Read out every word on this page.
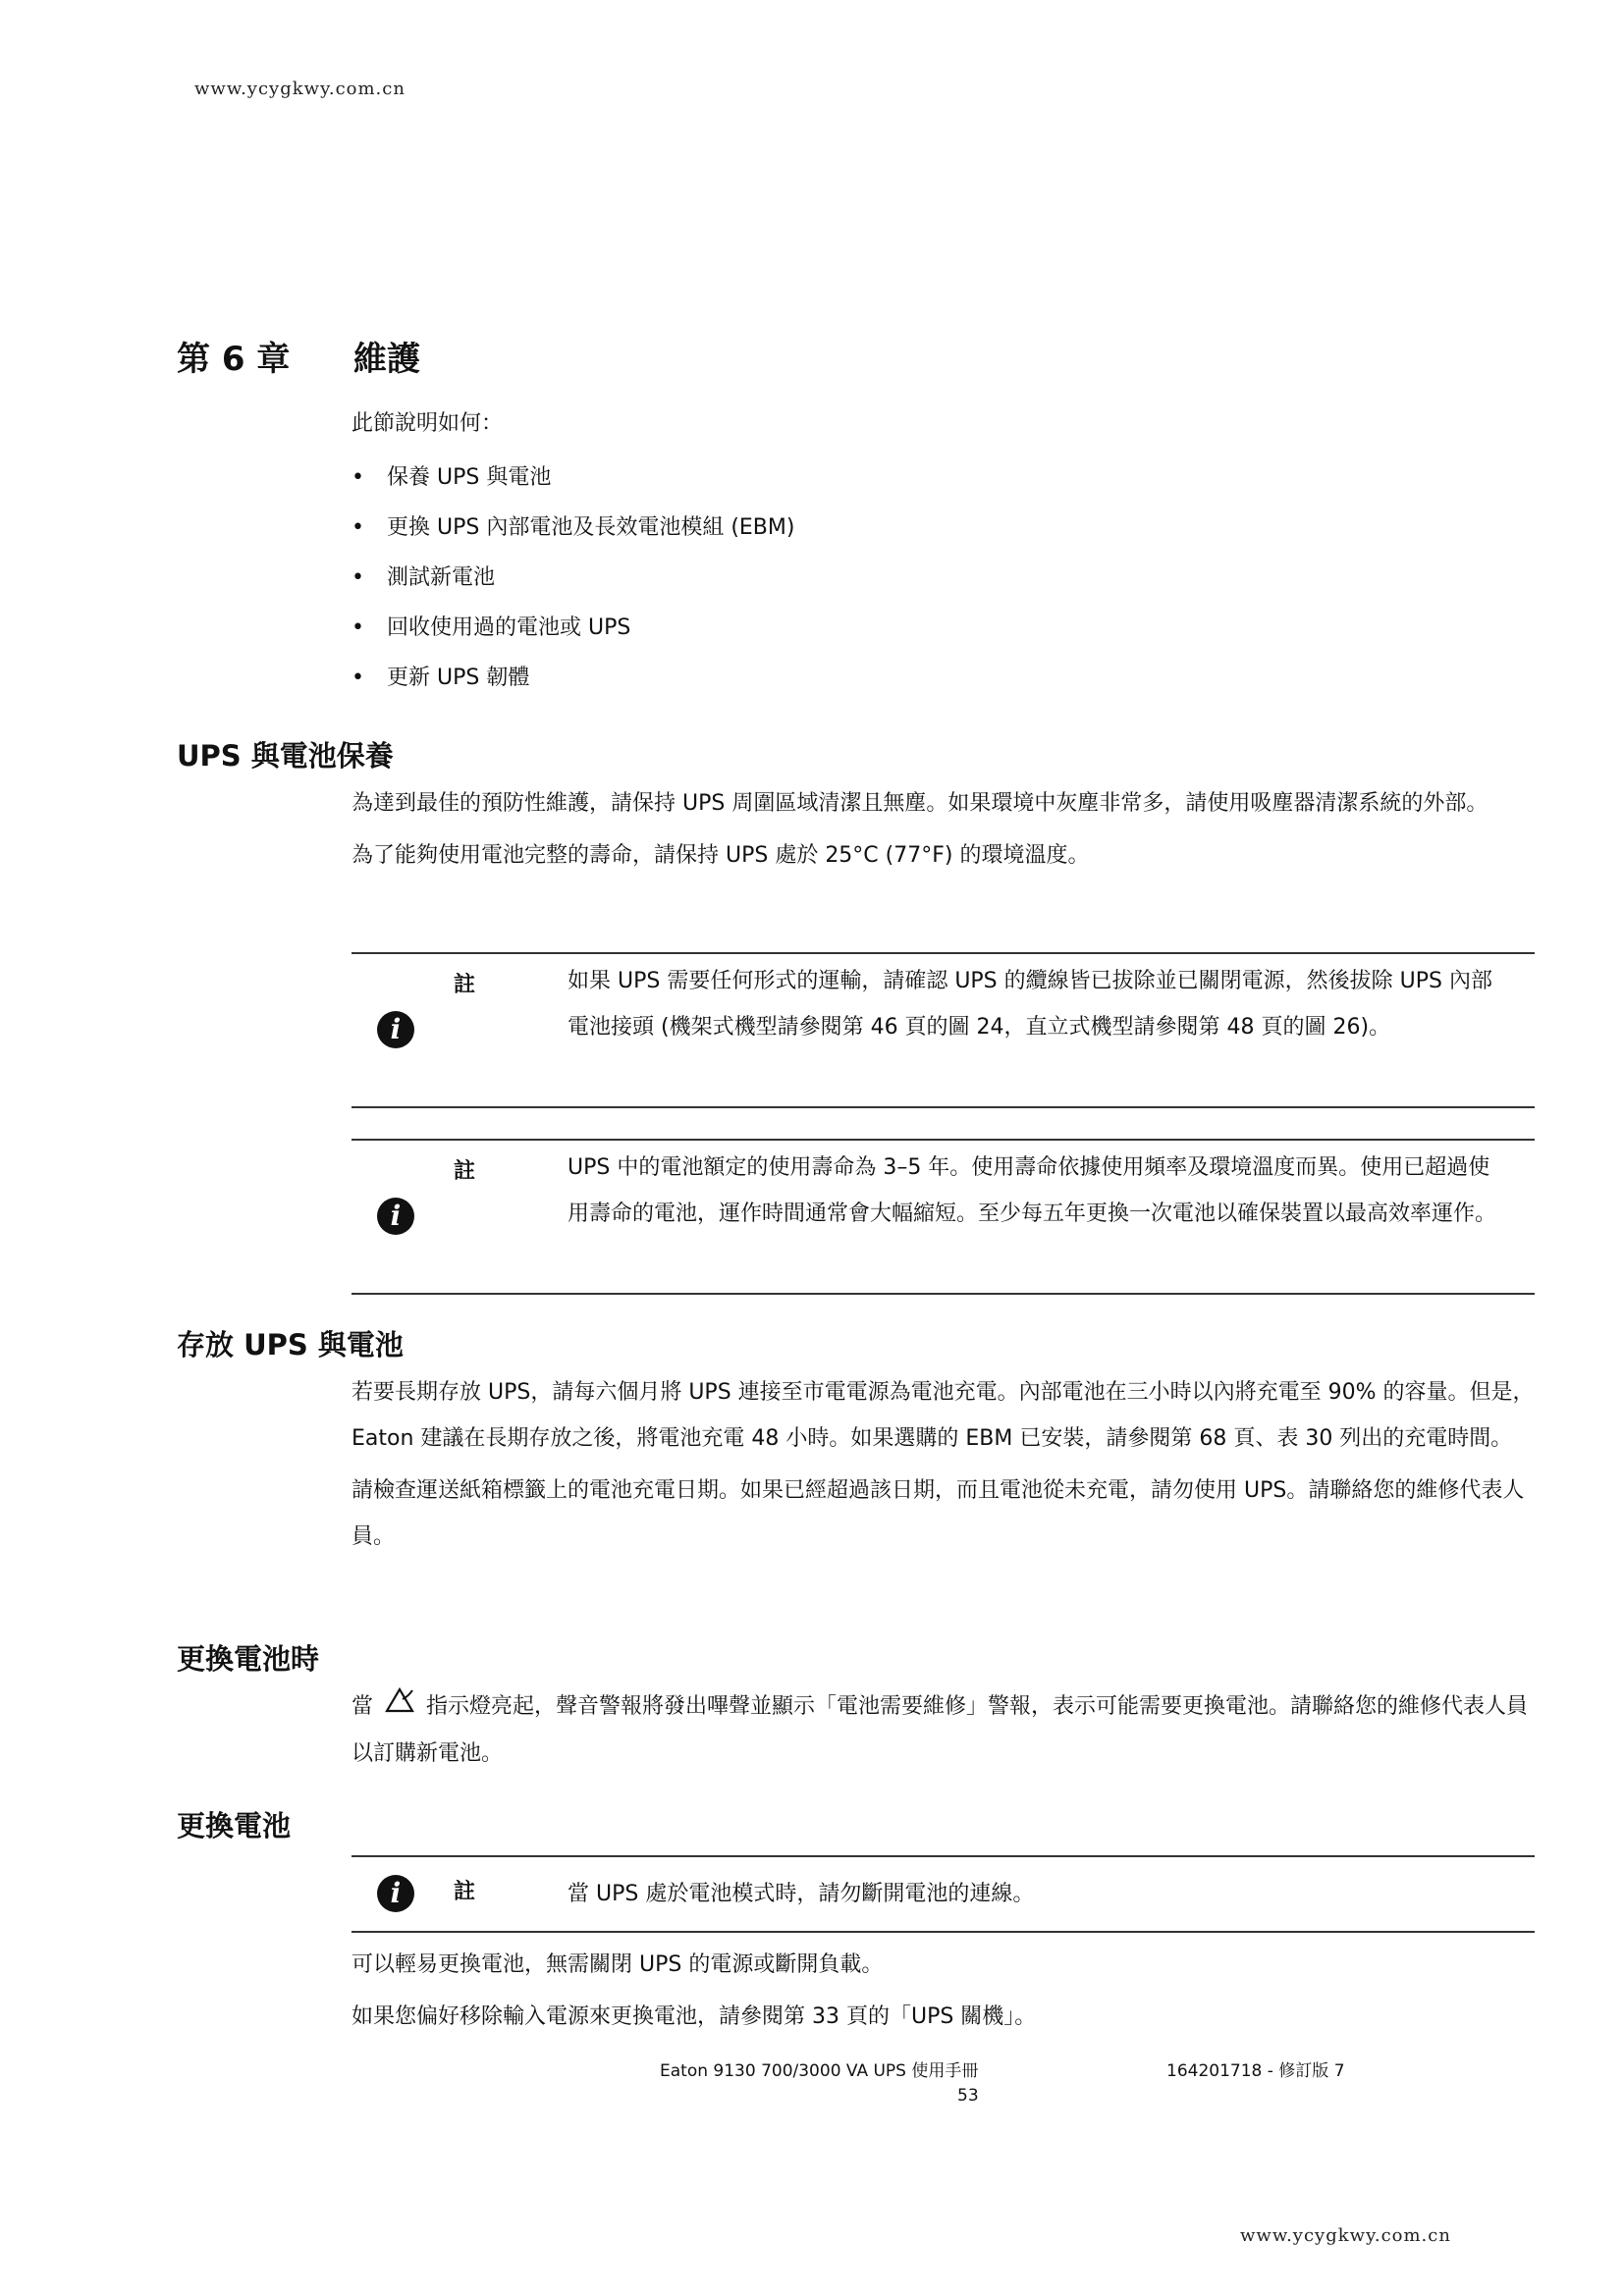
www.ycygkwy.com.cn
第 6 章 維護

此節說明如何：

• 保養 UPS 與電池
• 更換 UPS 內部電池及長效電池模組 (EBM)
• 測試新電池
• 回收使用過的電池或 UPS
• 更新 UPS 韌體
UPS 與電池保養

為達到最佳的預防性維護，請保持 UPS 周圍區域清潔且無塵。如果環境中灰塵非常多，請使用吸塵器清潔系統的外部。

為了能夠使用電池完整的壽命，請保持 UPS 處於 25°C (77°F) 的環境溫度。

i
註	如果 UPS 需要任何形式的運輸，請確認 UPS 的纜線皆已拔除並已關閉電源，然後拔除 UPS 內部電池接頭 (機架式機型請參閱第 46 頁的圖 24，直立式機型請參閱第 48 頁的圖 26)。
i
註	UPS 中的電池額定的使用壽命為 3–5 年。使用壽命依據使用頻率及環境溫度而異。使用已超過使用壽命的電池，運作時間通常會大幅縮短。至少每五年更換一次電池以確保裝置以最高效率運作。
存放 UPS 與電池

若要長期存放 UPS，請每六個月將 UPS 連接至市電電源為電池充電。內部電池在三小時以內將充電至 90% 的容量。但是，Eaton 建議在長期存放之後，將電池充電 48 小時。如果選購的 EBM 已安裝，請參閱第 68 頁、表 30 列出的充電時間。

請檢查運送紙箱標籤上的電池充電日期。如果已經超過該日期，而且電池從未充電，請勿使用 UPS。請聯絡您的維修代表人員。

更換電池時

當 指示燈亮起，聲音警報將發出嗶聲並顯示「電池需要維修」警報，表示可能需要更換電池。請聯絡您的維修代表人員以訂購新電池。

更換電池
i	註	當 UPS 處於電池模式時，請勿斷開電池的連線。

可以輕易更換電池，無需關閉 UPS 的電源或斷開負載。

如果您偏好移除輸入電源來更換電池，請參閱第 33 頁的「UPS 關機」。

Eaton 9130 700/3000 VA UPS 使用手冊	164201718 - 修訂版 7
53
www.ycygkwy.com.cn
